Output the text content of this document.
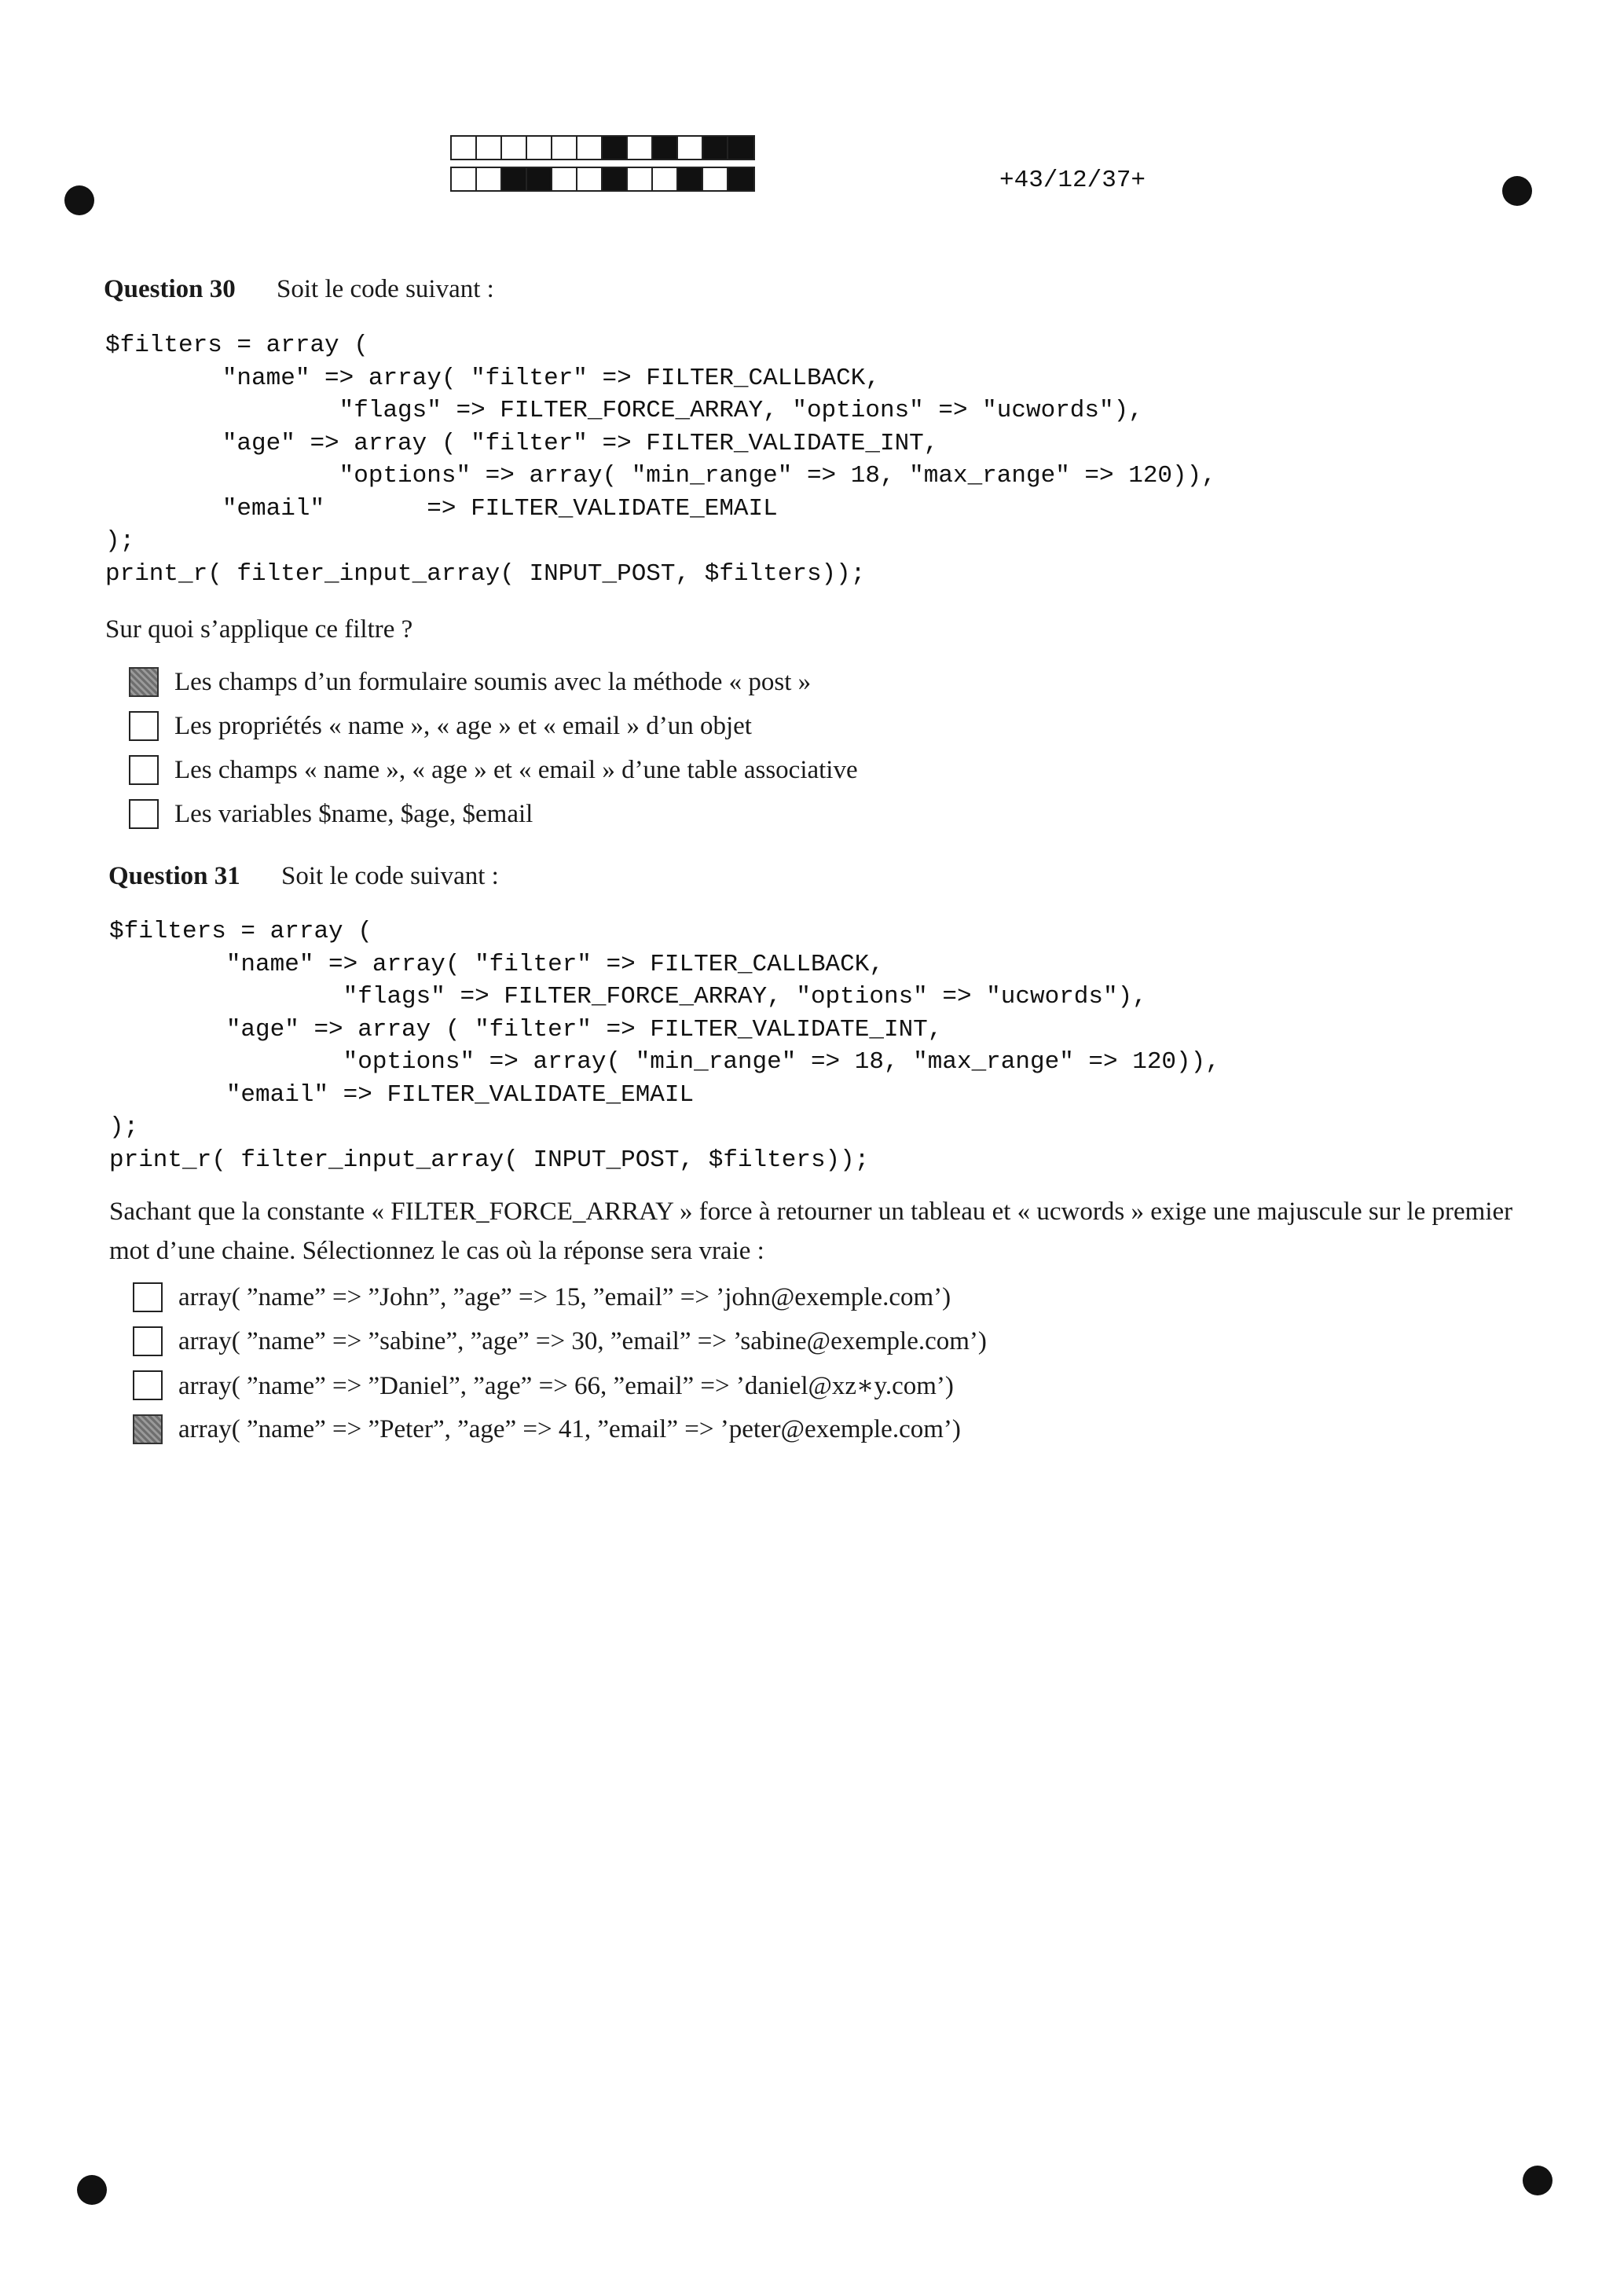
+43/12/37+
Question 30 Soit le code suivant :
$filters = array (
"name" => array( "filter" => FILTER_CALLBACK,
"flags" => FILTER_FORCE_ARRAY, "options" => "ucwords"),
"age" => array ( "filter" => FILTER_VALIDATE_INT,
"options" => array( "min_range" => 18, "max_range" => 120)),
"email"       => FILTER_VALIDATE_EMAIL
);
print_r( filter_input_array( INPUT_POST, $filters));
Sur quoi s’applique ce filtre ?
Les champs d’un formulaire soumis avec la méthode « post »
Les propriétés « name », « age » et « email » d’un objet
Les champs « name », « age » et « email » d’une table associative
Les variables $name, $age, $email
Question 31 Soit le code suivant :
$filters = array (
"name" => array( "filter" => FILTER_CALLBACK,
"flags" => FILTER_FORCE_ARRAY, "options" => "ucwords"),
"age" => array ( "filter" => FILTER_VALIDATE_INT,
"options" => array( "min_range" => 18, "max_range" => 120)),
"email" => FILTER_VALIDATE_EMAIL
);
print_r( filter_input_array( INPUT_POST, $filters));
Sachant que la constante « FILTER_FORCE_ARRAY » force à retourner un tableau et « ucwords » exige une majuscule sur le premier mot d’une chaine. Sélectionnez le cas où la réponse sera vraie :
array( ”name” => ”John”, ”age” => 15, ”email” => ’john@exemple.com’)
array( ”name” => ”sabine”, ”age” => 30, ”email” => ’sabine@exemple.com’)
array( ”name” => ”Daniel”, ”age” => 66, ”email” => ’daniel@xz∗y.com’)
array( ”name” => ”Peter”, ”age” => 41, ”email” => ’peter@exemple.com’)
